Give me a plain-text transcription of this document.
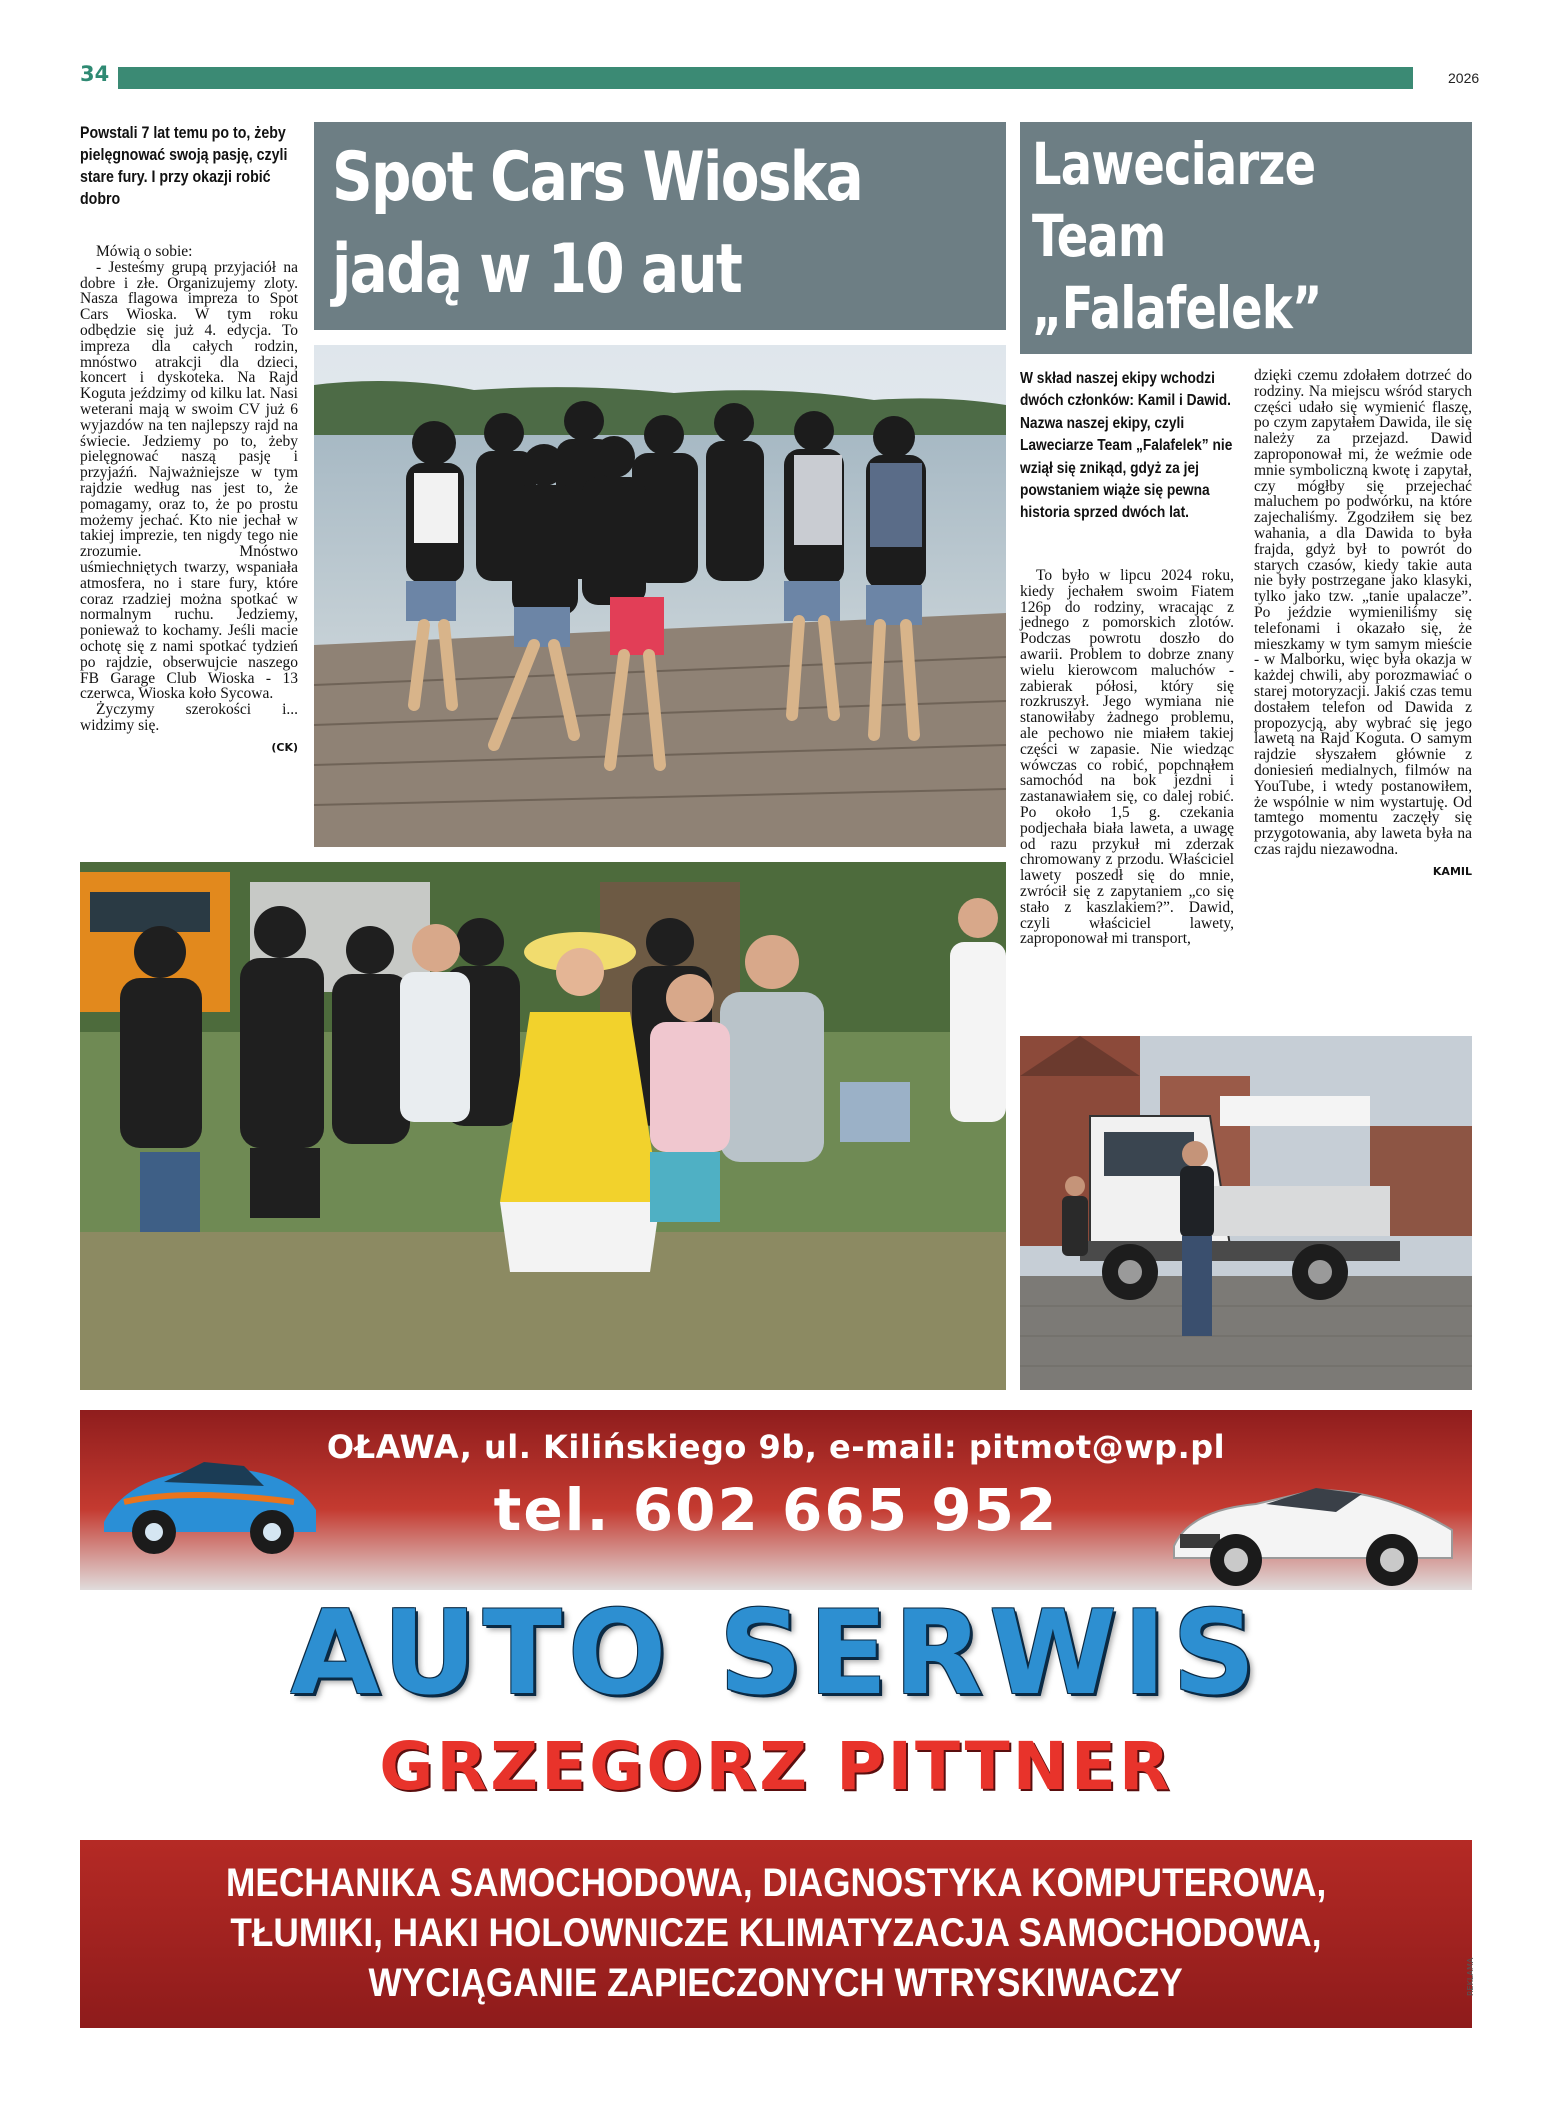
34	2026
Powstali 7 lat temu po to, żeby pielęgnować swoją pasję, czyli stare fury. I przy okazji robić dobro

Mówią o sobie:

- Jesteśmy grupą przyjaciół na dobre i złe. Organizujemy zloty. Nasza flagowa impreza to Spot Cars Wioska. W tym roku odbędzie się już 4. edycja. To impreza dla całych rodzin, mnóstwo atrakcji dla dzieci, koncert i dyskoteka. Na Rajd Koguta jeździmy od kilku lat. Nasi weterani mają w swoim CV już 6 wyjazdów na ten najlepszy rajd na świecie. Jedziemy po to, żeby pielęgnować naszą pasję i przyjaźń. Najważniejsze w tym rajdzie według nas jest to, że pomagamy, oraz to, że po prostu możemy jechać. Kto nie jechał w takiej imprezie, ten nigdy tego nie zrozumie. Mnóstwo uśmiechniętych twarzy, wspaniała atmosfera, no i stare fury, które coraz rzadziej można spotkać w normalnym ruchu. Jedziemy, ponieważ to kochamy. Jeśli macie ochotę się z nami spotkać tydzień po rajdzie, obserwujcie naszego FB Garage Club Wioska - 13 czerwca, Wioska koło Sycowa.

Życzymy szerokości i... widzimy się.

(CK)
Spot Cars Wioska
jadą w 10 aut
Laweciarze
Team
„Falafelek”
W skład naszej ekipy wchodzi dwóch członków: Kamil i Dawid. Nazwa naszej ekipy, czyli Laweciarze Team „Falafelek” nie wziął się znikąd, gdyż za jej powstaniem wiąże się pewna historia sprzed dwóch lat.

To było w lipcu 2024 roku, kiedy jechałem swoim Fiatem 126p do rodziny, wracając z jednego z pomorskich zlotów. Podczas powrotu doszło do awarii. Problem to dobrze znany wielu kierowcom maluchów - zabierak półosi, który się rozkruszył. Jego wymiana nie stanowiłaby żadnego problemu, ale pechowo nie miałem takiej części w zapasie. Nie wiedząc wówczas co robić, popchnąłem samochód na bok jezdni i zastanawiałem się, co dalej robić. Po około 1,5 g. czekania podjechała biała laweta, a uwagę od razu przykuł mi zderzak chromowany z przodu. Właściciel lawety poszedł się do mnie, zwrócił się z zapytaniem „co się stało z kaszlakiem?”. Dawid, czyli właściciel lawety, zaproponował mi transport,

dzięki czemu zdołałem dotrzeć do rodziny. Na miejscu wśród starych części udało się wymienić flaszę, po czym zapytałem Dawida, ile się należy za przejazd. Dawid zaproponował mi, że weźmie ode mnie symboliczną kwotę i zapytał, czy mógłby się przejechać maluchem po podwórku, na które zajechaliśmy. Zgodziłem się bez wahania, a dla Dawida to była frajda, gdyż był to powrót do starych czasów, kiedy takie auta nie były postrzegane jako klasyki, tylko jako tzw. „tanie upalacze”. Po jeździe wymieniliśmy się telefonami i okazało się, że mieszkamy w tym samym mieście - w Malborku, więc była okazja w każdej chwili, aby porozmawiać o starej motoryzacji. Jakiś czas temu dostałem telefon od Dawida z propozycją, aby wybrać się jego lawetą na Rajd Koguta. O samym rajdzie słyszałem głównie z doniesień medialnych, filmów na YouTube, i wtedy postanowiłem, że wspólnie w nim wystartuję. Od tamtego momentu zaczęły się przygotowania, aby laweta była na czas rajdu niezawodna.

KAMIL
OŁAWA, ul. Kilińskiego 9b, e-mail: pitmot@wp.pl
tel. 602 665 952
AUTO SERWIS
GRZEGORZ PITTNER
MECHANIKA SAMOCHODOWA, DIAGNOSTYKA KOMPUTEROWA,
TŁUMIKI, HAKI HOLOWNICZE KLIMATYZACJA SAMOCHODOWA,
WYCIĄGANIE ZAPIECZONYCH WTRYSKIWACZY	REKLAMA
